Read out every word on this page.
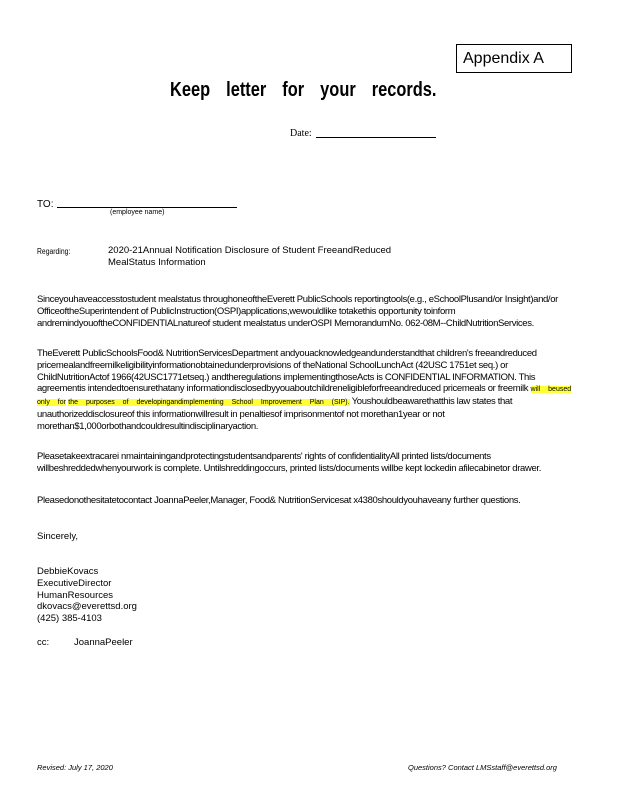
Appendix A
Keep letter for your records.
Date:
TO:
(employee name)
Regarding:	2020-21Annual Notification Disclosure of Student FreeandReduced
MealStatus Information
Sinceyouhaveaccesstostudent mealstatus throughoneoftheEverett PublicSchools reportingtools(e.g., eSchoolPlusand/or Insight)and/or OfficeoftheSuperintendent of PublicInstruction(OSPI)applications,wewouldlike totakethis opportunity toinform andremindyouoftheCONFIDENTIALnatureof student mealstatus underOSPI MemorandumNo. 062-08M--ChildNutritionServices.
TheEverett PublicSchoolsFood& NutritionServicesDepartment andyouacknowledgeandunderstandthat children's freeandreduced pricemealandfreemilkeligibilityinformationobtainedunderprovisions of theNational SchoolLunchAct (42USC 1751et seq.) or ChildNutritionActof 1966(42USC1771etseq.) andtheregulations implementingthoseActs is CONFIDENTIAL INFORMATION. This agreementis intendedtoensurethatany informationdisclosedbyyouaboutchildreneligibleforfreeandreduced pricemeals or freemilk will beused only for the purposes of developingandimplementing School Improvement Plan (SIP). Youshouldbeawarethatthis law states that unauthorizeddisclosureof this informationwillresult in penaltiesof imprisonmentof not morethan1year or not morethan$1,000orbothandcouldresultindisciplinaryaction.
Pleasetakeextracarei nmaintainingandprotectingstudentsandparents' rights of confidentialityAll printed lists/documents willbeshreddedwhenyourwork is complete. Untilshreddingoccurs, printed lists/documents willbe kept lockedin afilecabinetor drawer.
Pleasedonothesitatetocontact JoannaPeeler,Manager, Food& NutritionServicesat x4380shouldyouhaveany further questions.
Sincerely,
DebbieKovacs
ExecutiveDirector
HumanResources
dkovacs@everettsd.org
(425) 385-4103
cc:	JoannaPeeler
Revised: July 17, 2020	Questions? Contact LMSstaff@everettsd.org
